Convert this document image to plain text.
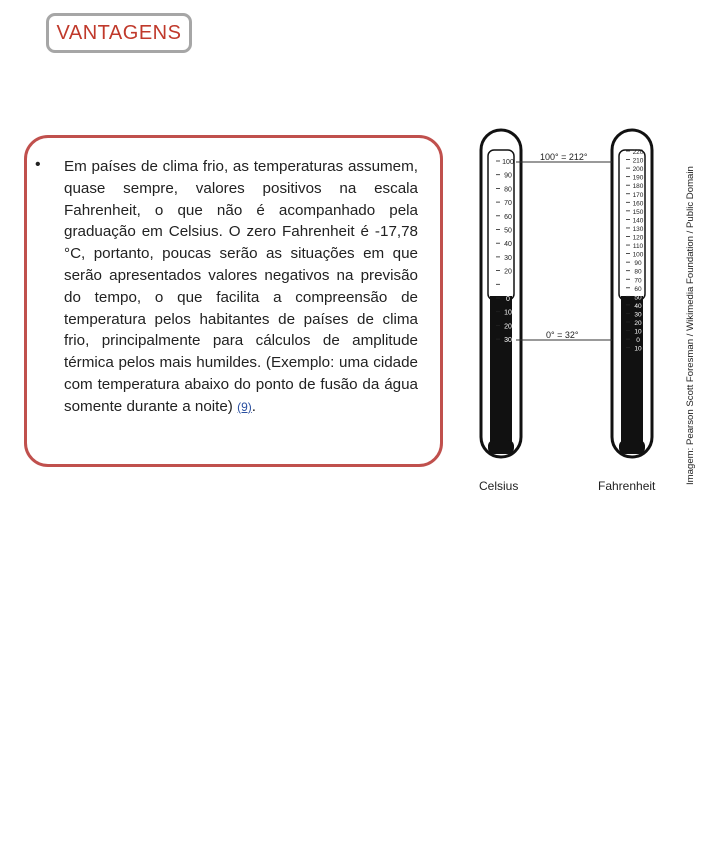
VANTAGENS
• Em países de clima frio, as temperaturas assumem, quase sempre, valores positivos na escala Fahrenheit, o que não é acompanhado pela graduação em Celsius. O zero Fahrenheit é -17,78 °C, portanto, poucas serão as situações em que serão apresentados valores negativos na previsão do tempo, o que facilita a compreensão de temperatura pelos habitantes de países de clima frio, principalmente para cálculos de amplitude térmica pelos mais humildes. (Exemplo: uma cidade com temperatura abaixo do ponto de fusão da água somente durante a noite) (9).
100
90
80
70
60
50
40
30
20
10
0
10
20
30
220
210
200
190
180
170
160
150
140
130
120
110
100
90
80
70
60
50
40
30
20
10
0
10
100° = 212°
0° = 32°
Celsius	Fahrenheit
Imagem: Pearson Scott Foresman / Wikimedia Foundation / Public Domain
